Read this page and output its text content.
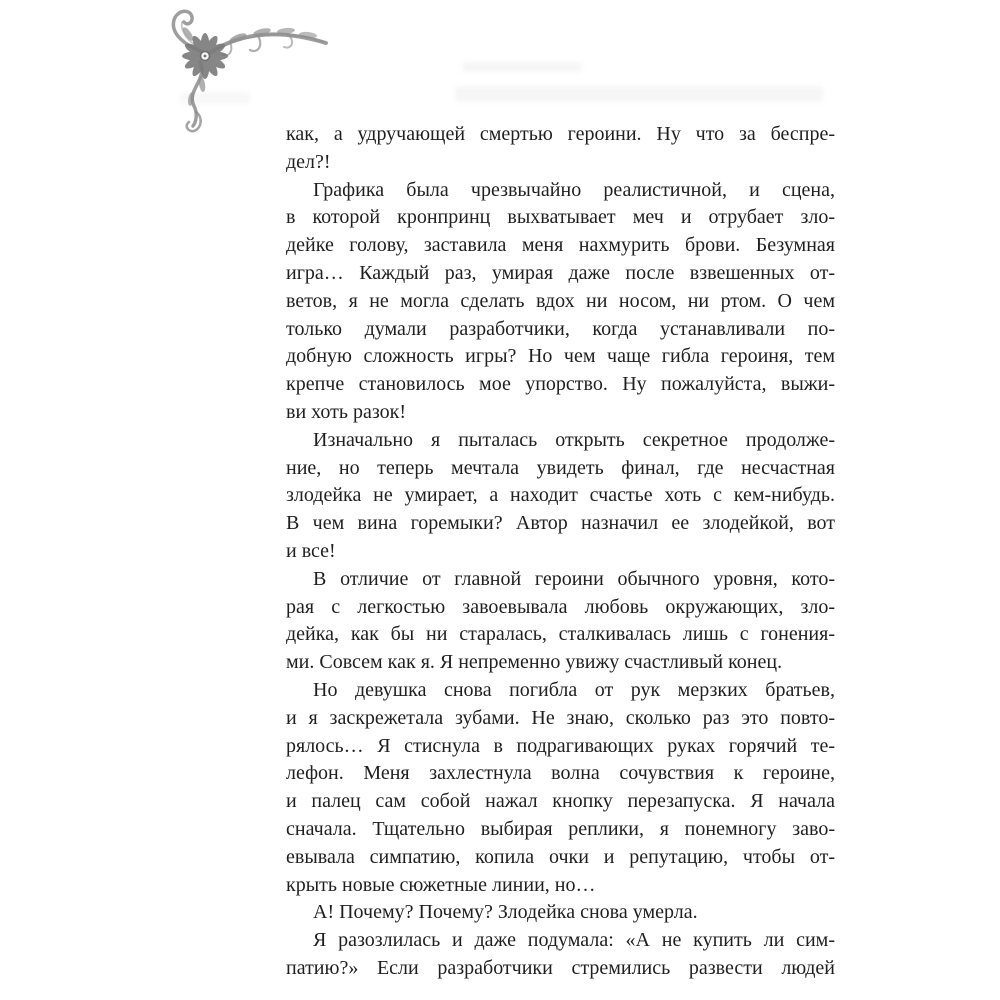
как, а удручающей смертью героини. Ну что за беспре-
дел?!
Графика была чрезвычайно реалистичной, и сцена,
в которой кронпринц выхватывает меч и отрубает зло-
дейке голову, заставила меня нахмурить брови. Безумная
игра… Каждый раз, умирая даже после взвешенных от-
ветов, я не могла сделать вдох ни носом, ни ртом. О чем
только думали разработчики, когда устанавливали по-
добную сложность игры? Но чем чаще гибла героиня, тем
крепче становилось мое упорство. Ну пожалуйста, выжи-
ви хоть разок!
Изначально я пыталась открыть секретное продолже-
ние, но теперь мечтала увидеть финал, где несчастная
злодейка не умирает, а находит счастье хоть с кем-нибудь.
В чем вина горемыки? Автор назначил ее злодейкой, вот
и все!
В отличие от главной героини обычного уровня, кото-
рая с легкостью завоевывала любовь окружающих, зло-
дейка, как бы ни старалась, сталкивалась лишь с гонения-
ми. Совсем как я. Я непременно увижу счастливый конец.
Но девушка снова погибла от рук мерзких братьев,
и я заскрежетала зубами. Не знаю, сколько раз это повто-
рялось… Я стиснула в подрагивающих руках горячий те-
лефон. Меня захлестнула волна сочувствия к героине,
и палец сам собой нажал кнопку перезапуска. Я начала
сначала. Тщательно выбирая реплики, я понемногу заво-
евывала симпатию, копила очки и репутацию, чтобы от-
крыть новые сюжетные линии, но…
А! Почему? Почему? Злодейка снова умерла.
Я разозлилась и даже подумала: «А не купить ли сим-
патию?» Если разработчики стремились развести людей
